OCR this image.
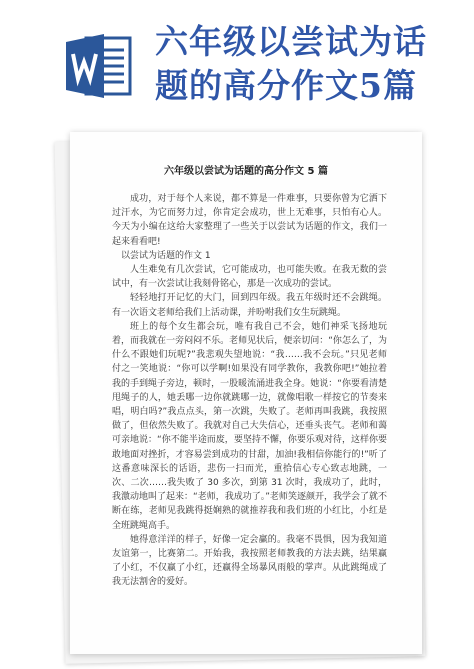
六年级以尝试为话
题的高分作文5篇
六年级以尝试为话题的高分作文 5 篇

成功，对于每个人来说，都不算是一件难事，只要你曾为它洒下过汗水，为它而努力过，你肯定会成功，世上无难事，只怕有心人。今天为小编在这给大家整理了一些关于以尝试为话题的作文，我们一起来看看吧!

以尝试为话题的作文 1

人生难免有几次尝试，它可能成功，也可能失败。在我无数的尝试中，有一次尝试让我刻骨铭心，那是一次成功的尝试。

轻轻地打开记忆的大门，回到四年级。我五年级时还不会跳绳。有一次语文老师给我们上活动课，并吩咐我们女生玩跳绳。

班上的每个女生都会玩，唯有我自己不会，她们神采飞扬地玩着，而我就在一旁闷闷不乐。老师见状后，便亲切问：“你怎么了，为什么不跟她们玩呢?”我悲观失望地说：“我……我不会玩。”只见老师付之一笑地说：“你可以学啊!如果没有同学教你，我教你吧!”她拉着我的手到绳子旁边，顿时，一股暖流涌进我全身。她说：“你要看清楚甩绳子的人，她丢哪一边你就跳哪一边，就像唱歌一样按它的节奏来唱，明白吗?”我点点头，第一次跳，失败了。老师再叫我跳，我按照做了，但依然失败了。我就对自己大失信心，还垂头丧气。老师和蔼可亲地说：“你不能半途而废，要坚持不懈，你要乐观对待，这样你要敢地面对挫折，才容易尝到成功的甘甜，加油!我相信你能行的!”听了这番意味深长的话语，悲伤一扫而光，重拾信心专心致志地跳，一次、二次……我失败了 30 多次，到第 31 次时，我成功了，此时，我激动地叫了起来：“老师，我成功了。”老师笑逐颜开，我学会了就不断在练，老师见我跳得挺娴熟的就推荐我和我们班的小红比，小红是全班跳绳高手。

她得意洋洋的样子，好像一定会赢的。我毫不畏惧，因为我知道友谊第一，比赛第二。开始我，我按照老师教我的方法去跳，结果赢了小红，不仅赢了小红，还赢得全场暴风雨般的掌声。从此跳绳成了我无法割舍的爱好。
